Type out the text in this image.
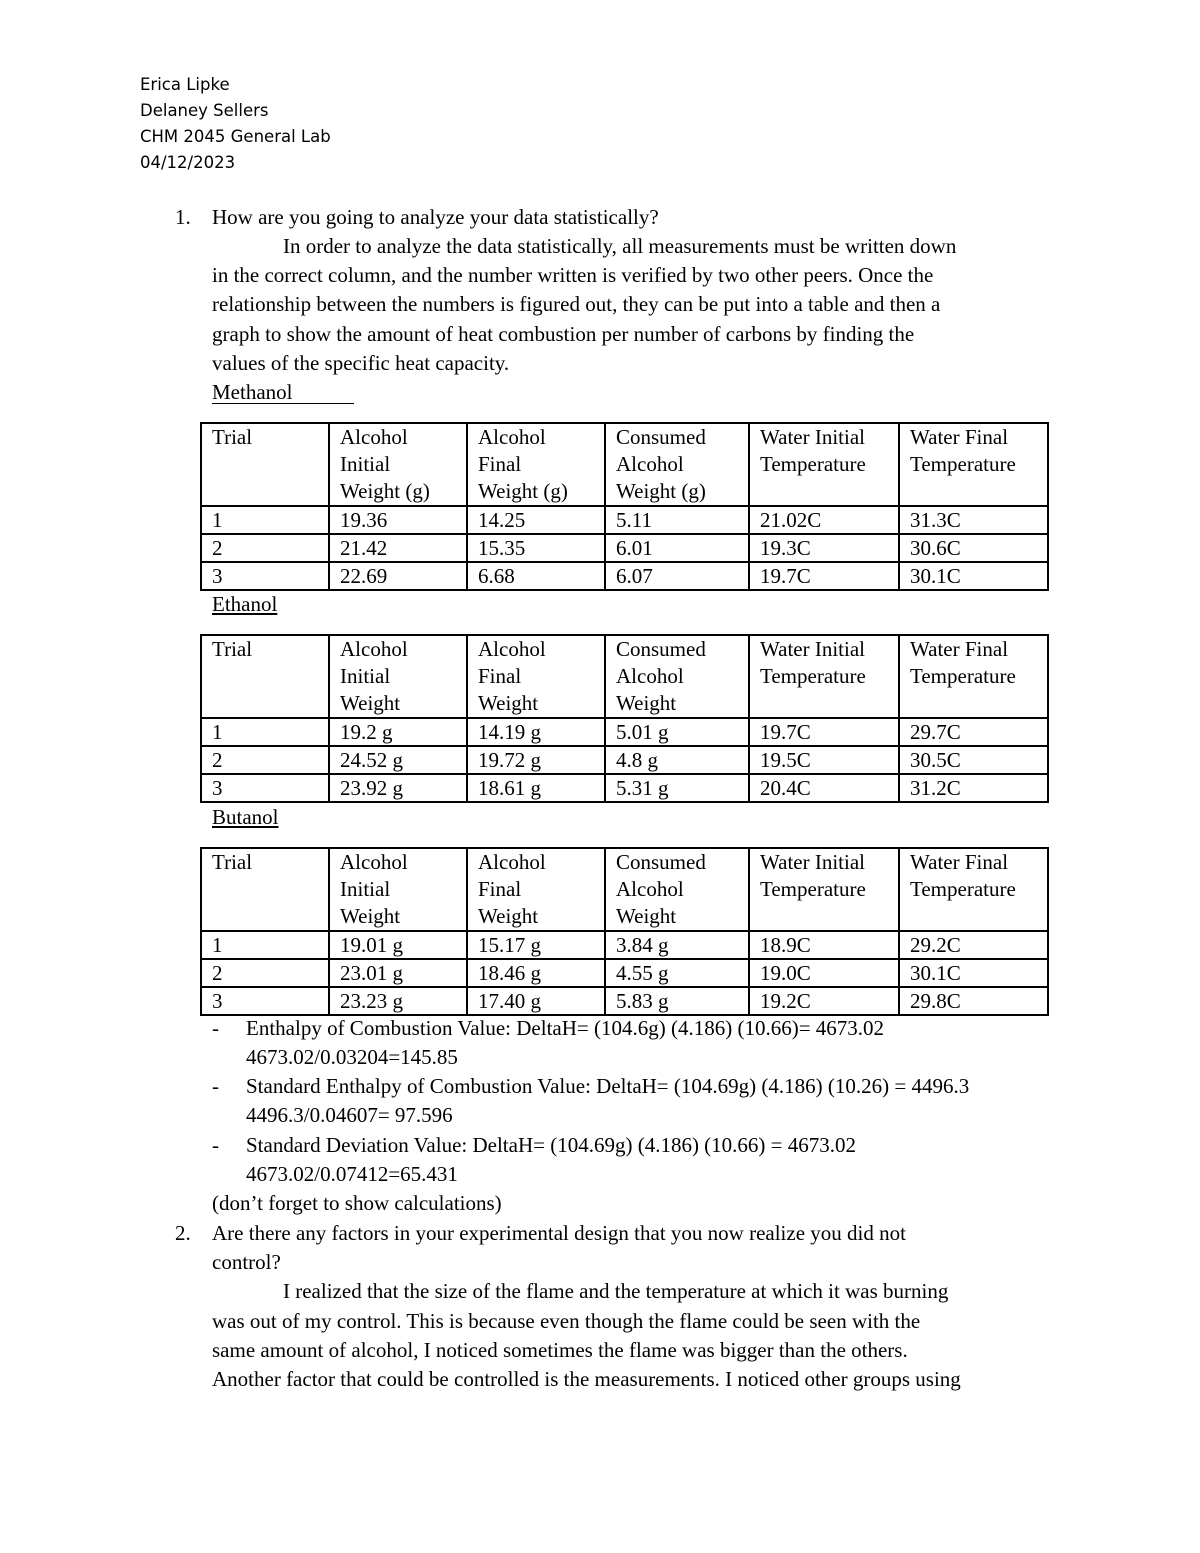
Erica Lipke
Delaney Sellers
CHM 2045 General Lab
04/12/2023
1. How are you going to analyze your data statistically?
In order to analyze the data statistically, all measurements must be written down
in the correct column, and the number written is verified by two other peers. Once the
relationship between the numbers is figured out, they can be put into a table and then a
graph to show the amount of heat combustion per number of carbons by finding the
values of the specific heat capacity.
Methanol
Trial	Alcohol
Initial
Weight (g)	Alcohol
Final
Weight (g)	Consumed
Alcohol
Weight (g)	Water Initial
Temperature	Water Final
Temperature
1	19.36	14.25	5.11	21.02C	31.3C
2	21.42	15.35	6.01	19.3C	30.6C
3	22.69	6.68	6.07	19.7C	30.1C
Ethanol
Trial	Alcohol
Initial
Weight	Alcohol
Final
Weight	Consumed
Alcohol
Weight	Water Initial
Temperature	Water Final
Temperature
1	19.2 g	14.19 g	5.01 g	19.7C	29.7C
2	24.52 g	19.72 g	4.8 g	19.5C	30.5C
3	23.92 g	18.61 g	5.31 g	20.4C	31.2C
Butanol
Trial	Alcohol
Initial
Weight	Alcohol
Final
Weight	Consumed
Alcohol
Weight	Water Initial
Temperature	Water Final
Temperature
1	19.01 g	15.17 g	3.84 g	18.9C	29.2C
2	23.01 g	18.46 g	4.55 g	19.0C	30.1C
3	23.23 g	17.40 g	5.83 g	19.2C	29.8C
- Enthalpy of Combustion Value: DeltaH= (104.6g) (4.186) (10.66)= 4673.02
4673.02/0.03204=145.85
- Standard Enthalpy of Combustion Value: DeltaH= (104.69g) (4.186) (10.26) = 4496.3
4496.3/0.04607= 97.596
- Standard Deviation Value: DeltaH= (104.69g) (4.186) (10.66) = 4673.02
4673.02/0.07412=65.431
(don’t forget to show calculations)
2. Are there any factors in your experimental design that you now realize you did not
control?
I realized that the size of the flame and the temperature at which it was burning
was out of my control. This is because even though the flame could be seen with the
same amount of alcohol, I noticed sometimes the flame was bigger than the others.
Another factor that could be controlled is the measurements. I noticed other groups using
